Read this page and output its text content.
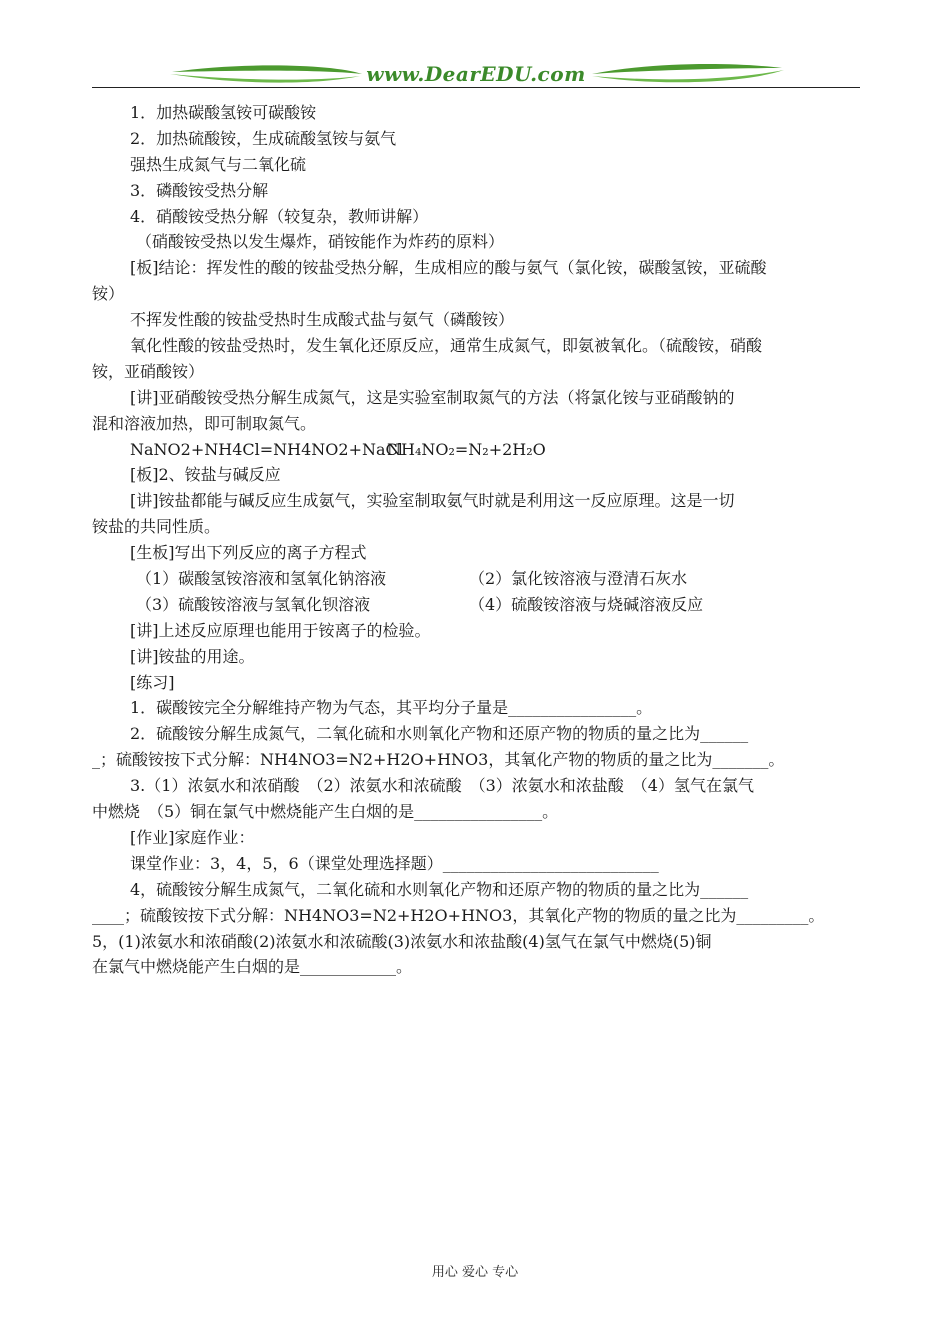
www.DearEDU.com
1．加热碳酸氢铵可碳酸铵
2．加热硫酸铵，生成硫酸氢铵与氨气
强热生成氮气与二氧化硫
3．磷酸铵受热分解
4．硝酸铵受热分解（较复杂，教师讲解）
（硝酸铵受热以发生爆炸，硝铵能作为炸药的原料）
[板]结论：挥发性的酸的铵盐受热分解，生成相应的酸与氨气（氯化铵，碳酸氢铵，亚硫酸
铵）
不挥发性酸的铵盐受热时生成酸式盐与氨气（磷酸铵）
氧化性酸的铵盐受热时，发生氧化还原反应，通常生成氮气，即氨被氧化。（硫酸铵，硝酸
铵，亚硝酸铵）
[讲]亚硝酸铵受热分解生成氮气，这是实验室制取氮气的方法（将氯化铵与亚硝酸钠的
混和溶液加热，即可制取氮气。
NaNO2+NH4Cl=NH4NO2+NaCl
NH₄NO₂=N₂+2H₂O
[板]2、铵盐与碱反应
[讲]铵盐都能与碱反应生成氨气，实验室制取氨气时就是利用这一反应原理。这是一切
铵盐的共同性质。
[生板]写出下列反应的离子方程式
（1）碳酸氢铵溶液和氢氧化钠溶液	（2）氯化铵溶液与澄清石灰水
（3）硫酸铵溶液与氢氧化钡溶液	（4）硫酸铵溶液与烧碱溶液反应
[讲]上述反应原理也能用于铵离子的检验。
[讲]铵盐的用途。
[练习]
1．碳酸铵完全分解维持产物为气态，其平均分子量是________________。
2．硫酸铵分解生成氮气，二氧化硫和水则氧化产物和还原产物的物质的量之比为______
_；硫酸铵按下式分解：NH4NO3=N2+H2O+HNO3，其氧化产物的物质的量之比为_______。
3.（1）浓氨水和浓硝酸　（2）浓氨水和浓硫酸　（3）浓氨水和浓盐酸　（4）氢气在氯气
中燃烧　（5）铜在氯气中燃烧能产生白烟的是________________。
[作业]家庭作业：
课堂作业：3，4，5，6（课堂处理选择题）___________________________
4，硫酸铵分解生成氮气，二氧化硫和水则氧化产物和还原产物的物质的量之比为______
____；硫酸铵按下式分解：NH4NO3=N2+H2O+HNO3，其氧化产物的物质的量之比为_________。
5，(1)浓氨水和浓硝酸(2)浓氨水和浓硫酸(3)浓氨水和浓盐酸(4)氢气在氯气中燃烧(5)铜
在氯气中燃烧能产生白烟的是____________。
用心 爱心 专心
